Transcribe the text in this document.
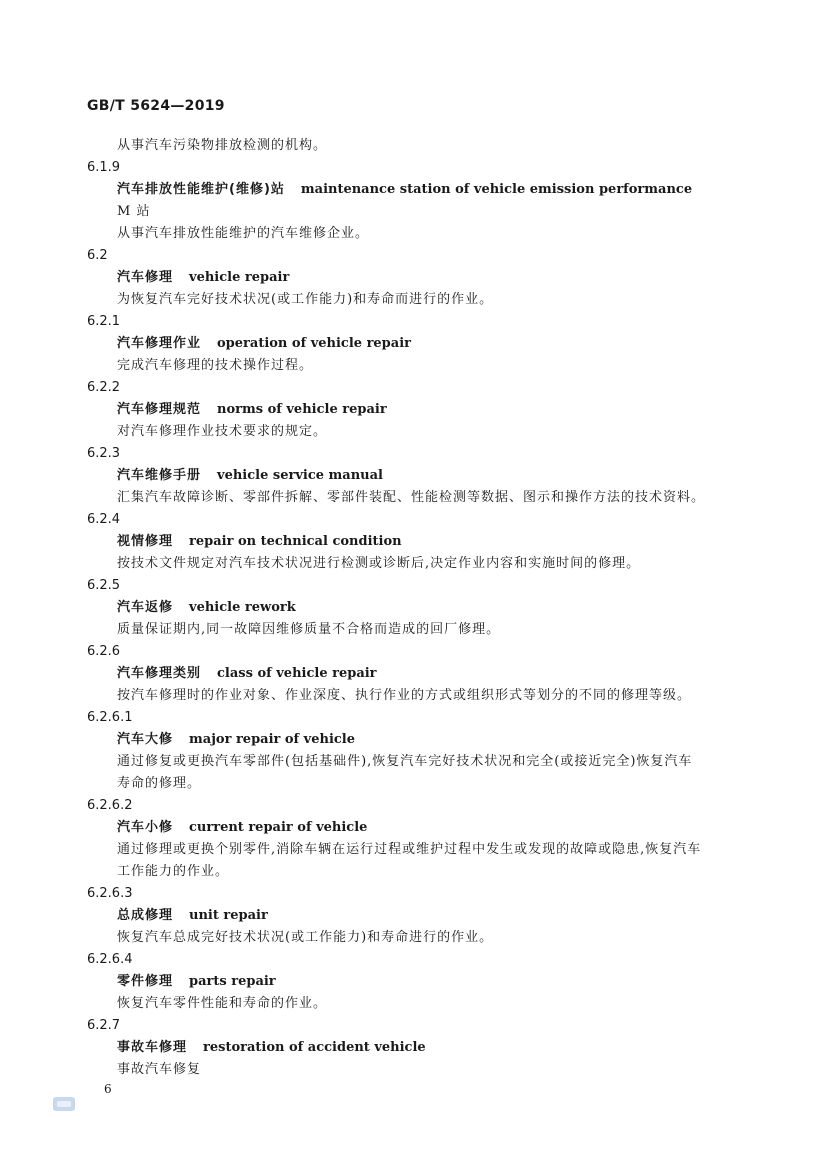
GB/T 5624—2019
从事汽车污染物排放检测的机构。
6.1.9
汽车排放性能维护(维修)站 maintenance station of vehicle emission performance
M 站
从事汽车排放性能维护的汽车维修企业。
6.2
汽车修理 vehicle repair
为恢复汽车完好技术状况(或工作能力)和寿命而进行的作业。
6.2.1
汽车修理作业 operation of vehicle repair
完成汽车修理的技术操作过程。
6.2.2
汽车修理规范 norms of vehicle repair
对汽车修理作业技术要求的规定。
6.2.3
汽车维修手册 vehicle service manual
汇集汽车故障诊断、零部件拆解、零部件装配、性能检测等数据、图示和操作方法的技术资料。
6.2.4
视情修理 repair on technical condition
按技术文件规定对汽车技术状况进行检测或诊断后,决定作业内容和实施时间的修理。
6.2.5
汽车返修 vehicle rework
质量保证期内,同一故障因维修质量不合格而造成的回厂修理。
6.2.6
汽车修理类别 class of vehicle repair
按汽车修理时的作业对象、作业深度、执行作业的方式或组织形式等划分的不同的修理等级。
6.2.6.1
汽车大修 major repair of vehicle
通过修复或更换汽车零部件(包括基础件),恢复汽车完好技术状况和完全(或接近完全)恢复汽车
寿命的修理。
6.2.6.2
汽车小修 current repair of vehicle
通过修理或更换个别零件,消除车辆在运行过程或维护过程中发生或发现的故障或隐患,恢复汽车
工作能力的作业。
6.2.6.3
总成修理 unit repair
恢复汽车总成完好技术状况(或工作能力)和寿命进行的作业。
6.2.6.4
零件修理 parts repair
恢复汽车零件性能和寿命的作业。
6.2.7
事故车修理 restoration of accident vehicle
事故汽车修复
6
